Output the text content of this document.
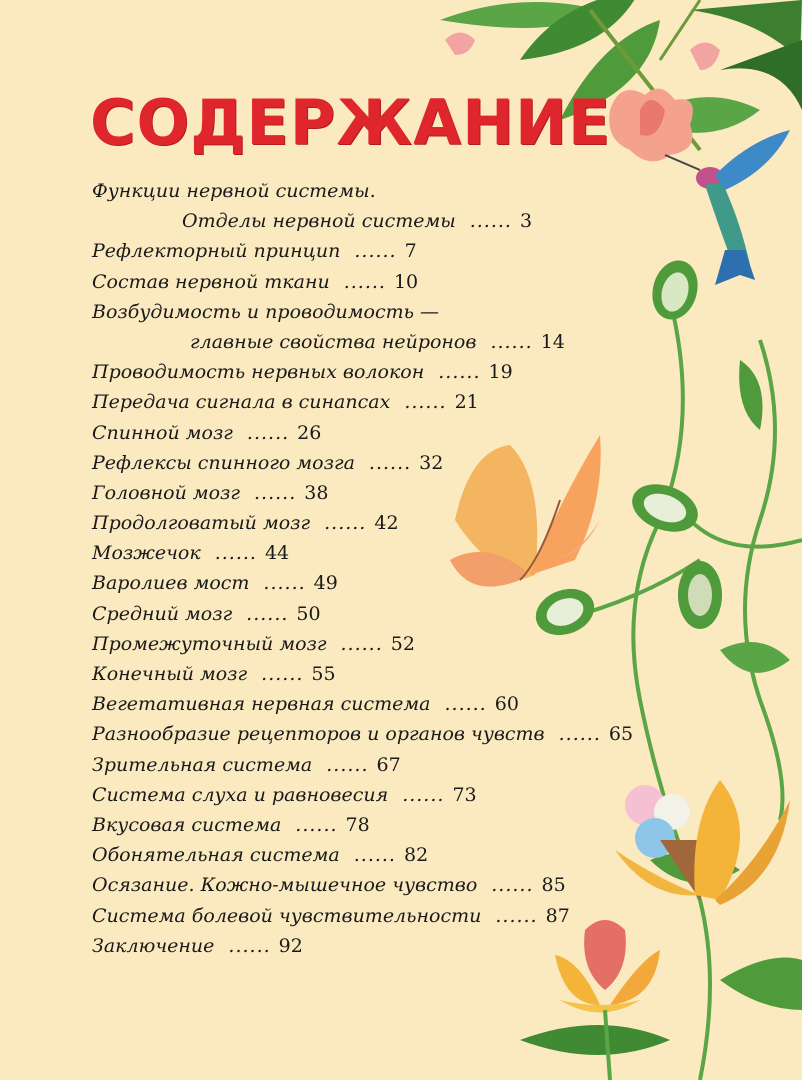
СОДЕРЖАНИЕ
Функции нервной системы.
Отделы нервной системы ...... 3
Рефлекторный принцип ...... 7
Состав нервной ткани ...... 10
Возбудимость и проводимость —
главные свойства нейронов ...... 14
Проводимость нервных волокон ...... 19
Передача сигнала в синапсах ...... 21
Спинной мозг ...... 26
Рефлексы спинного мозга ...... 32
Головной мозг ...... 38
Продолговатый мозг ...... 42
Мозжечок ...... 44
Варолиев мост ...... 49
Средний мозг ...... 50
Промежуточный мозг ...... 52
Конечный мозг ...... 55
Вегетативная нервная система ...... 60
Разнообразие рецепторов и органов чувств ...... 65
Зрительная система ...... 67
Система слуха и равновесия ...... 73
Вкусовая система ...... 78
Обонятельная система ...... 82
Осязание. Кожно-мышечное чувство ...... 85
Система болевой чувствительности ...... 87
Заключение ...... 92
